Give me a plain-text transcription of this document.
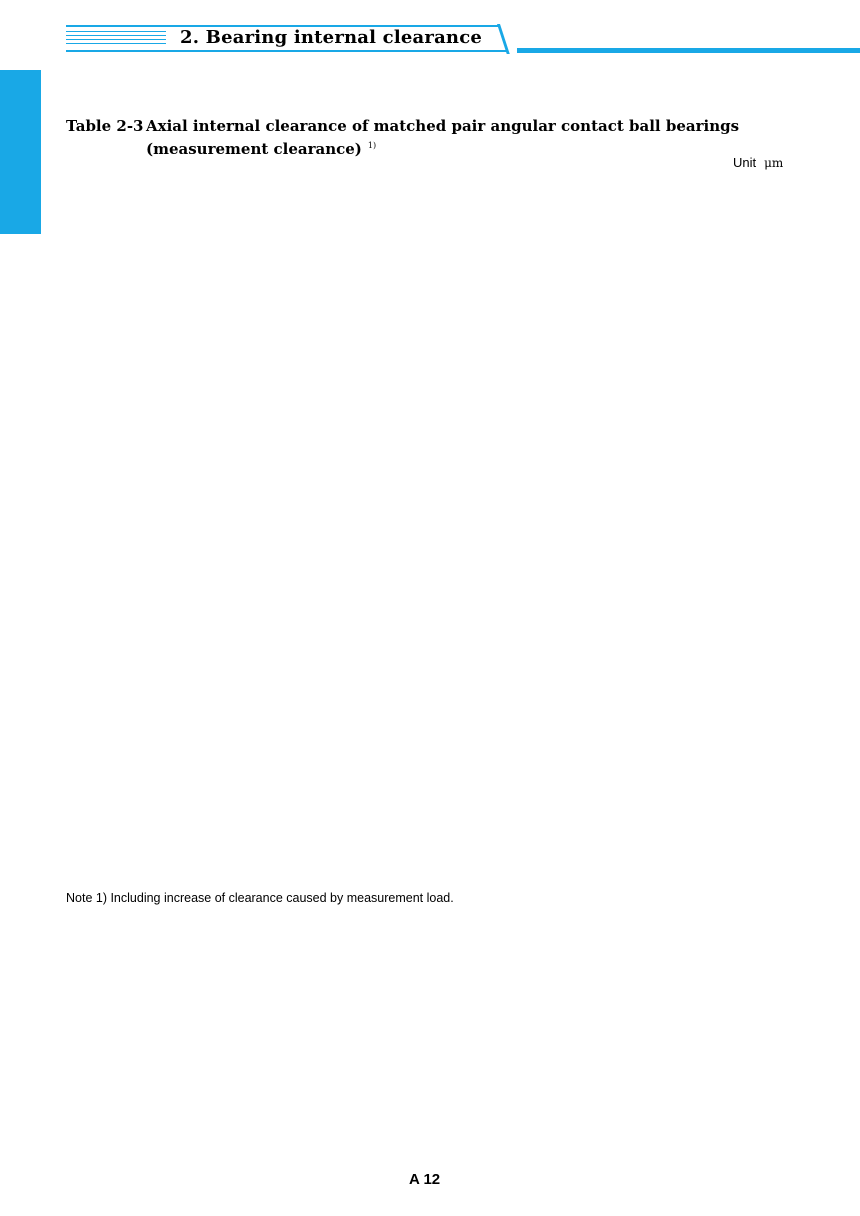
2. Bearing internal clearance
Table 2-3 Axial internal clearance of matched pair angular contact ball bearings
(measurement clearance) $^{1)}$
Unit μm
Note 1) Including increase of clearance caused by measurement load.
A 12
